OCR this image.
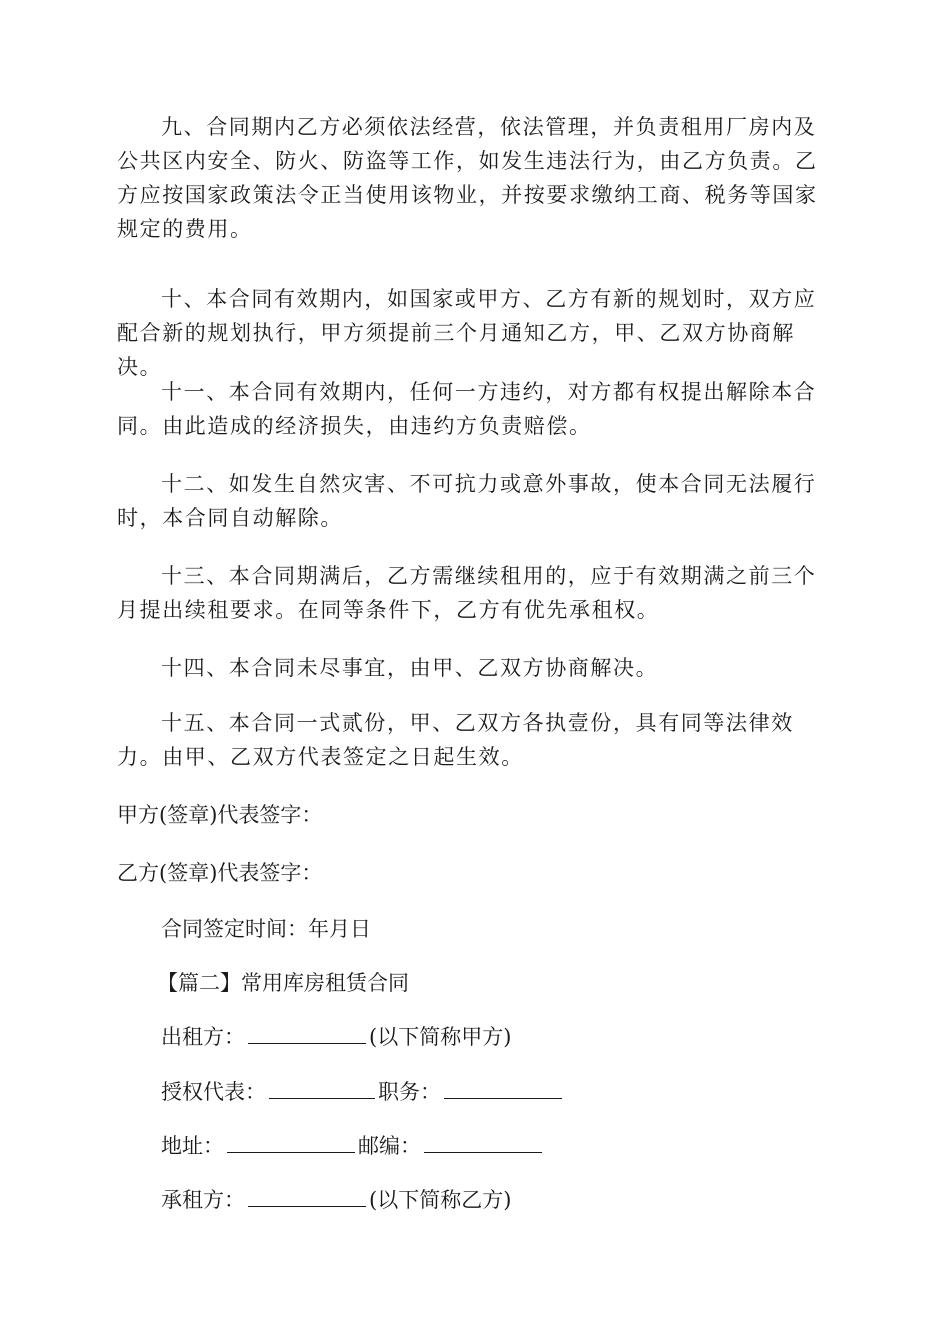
九、合同期内乙方必须依法经营，依法管理，并负责租用厂房内及公共区内安全、防火、防盗等工作，如发生违法行为，由乙方负责。乙方应按国家政策法令正当使用该物业，并按要求缴纳工商、税务等国家规定的费用。

十、本合同有效期内，如国家或甲方、乙方有新的规划时，双方应配合新的规划执行，甲方须提前三个月通知乙方，甲、乙双方协商解决。

十一、本合同有效期内，任何一方违约，对方都有权提出解除本合同。由此造成的经济损失，由违约方负责赔偿。

十二、如发生自然灾害、不可抗力或意外事故，使本合同无法履行时，本合同自动解除。

十三、本合同期满后，乙方需继续租用的，应于有效期满之前三个月提出续租要求。在同等条件下，乙方有优先承租权。

十四、本合同未尽事宜，由甲、乙双方协商解决。

十五、本合同一式贰份，甲、乙双方各执壹份，具有同等法律效力。由甲、乙双方代表签定之日起生效。

甲方(签章)代表签字：

乙方(签章)代表签字：

合同签定时间：年月日

【篇二】常用库房租赁合同

出租方：	(以下简称甲方)
授权代表：	职务：
地址：	邮编：
承租方：	(以下简称乙方)
